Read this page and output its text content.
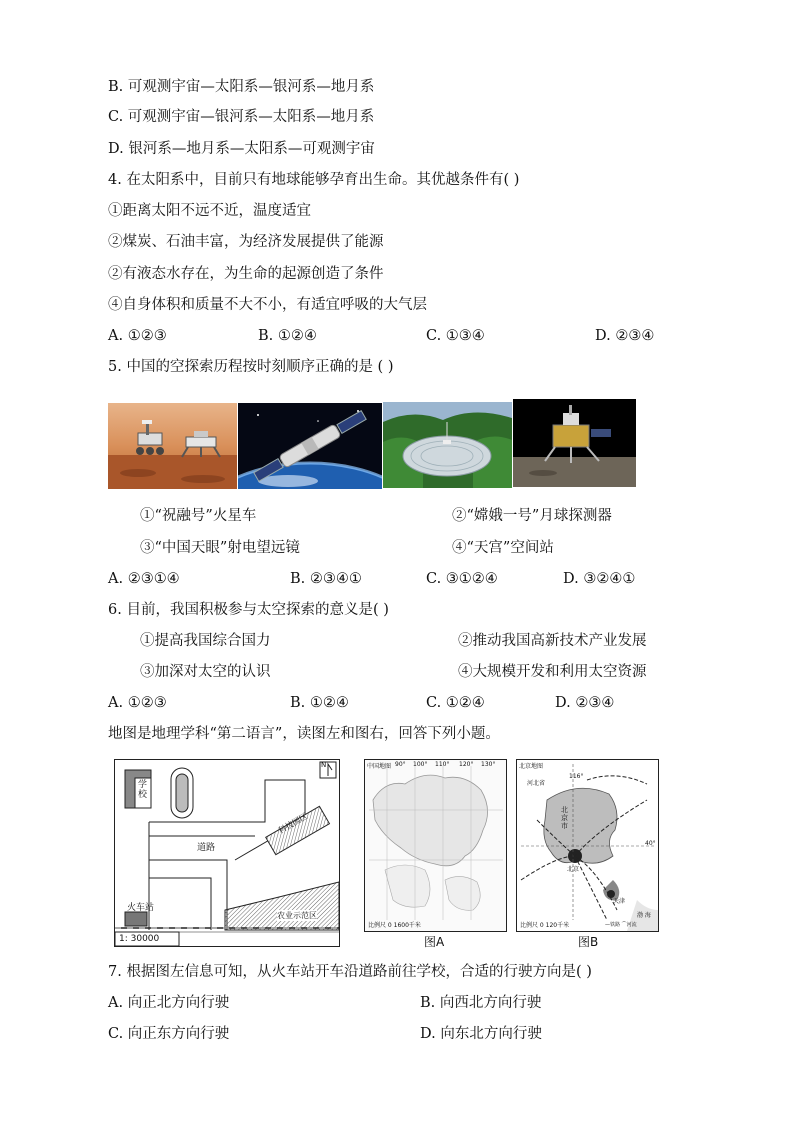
B. 可观测宇宙—太阳系—银河系—地月系
C. 可观测宇宙—银河系—太阳系—地月系
D. 银河系—地月系—太阳系—可观测宇宙
4. 在太阳系中，目前只有地球能够孕育出生命。其优越条件有( )
①距离太阳不远不近，温度适宜
②煤炭、石油丰富，为经济发展提供了能源
②有液态水存在，为生命的起源创造了条件
④自身体积和质量不大不小，有适宜呼吸的大气层
A. ①②③	B. ①②④	C. ①③④	D. ②③④
5. 中国的空探索历程按时刻顺序正确的是 ( )
①“祝融号”火星车	②“嫦娥一号”月球探测器
③“中国天眼”射电望远镜	④“天宫”空间站
A. ②③①④	B. ②③④①	C. ③①②④	D. ③②④①
6. 目前，我国积极参与太空探索的意义是( )
①提高我国综合国力	②推动我国高新技术产业发展
③加深对太空的认识	④大规模开发和利用太空资源
A. ①②③	B. ①②④	C. ①②④	D. ②③④
地图是地理学科“第二语言”，读图左和图右，回答下列小题。
学校
道路
科技园区
火车站
农业示范区
1: 30000
N	中国地图 90° 100° 110° 120° 130°
比例尺 0 1600千米
图A
北京地图
116°
40°
河北省
北京市
北京
天津
渤 海
比例尺 0 120千米	—铁路 ⌒河流
图B
7. 根据图左信息可知，从火车站开车沿道路前往学校，合适的行驶方向是( )
A. 向正北方向行驶	B. 向西北方向行驶
C. 向正东方向行驶	D. 向东北方向行驶
